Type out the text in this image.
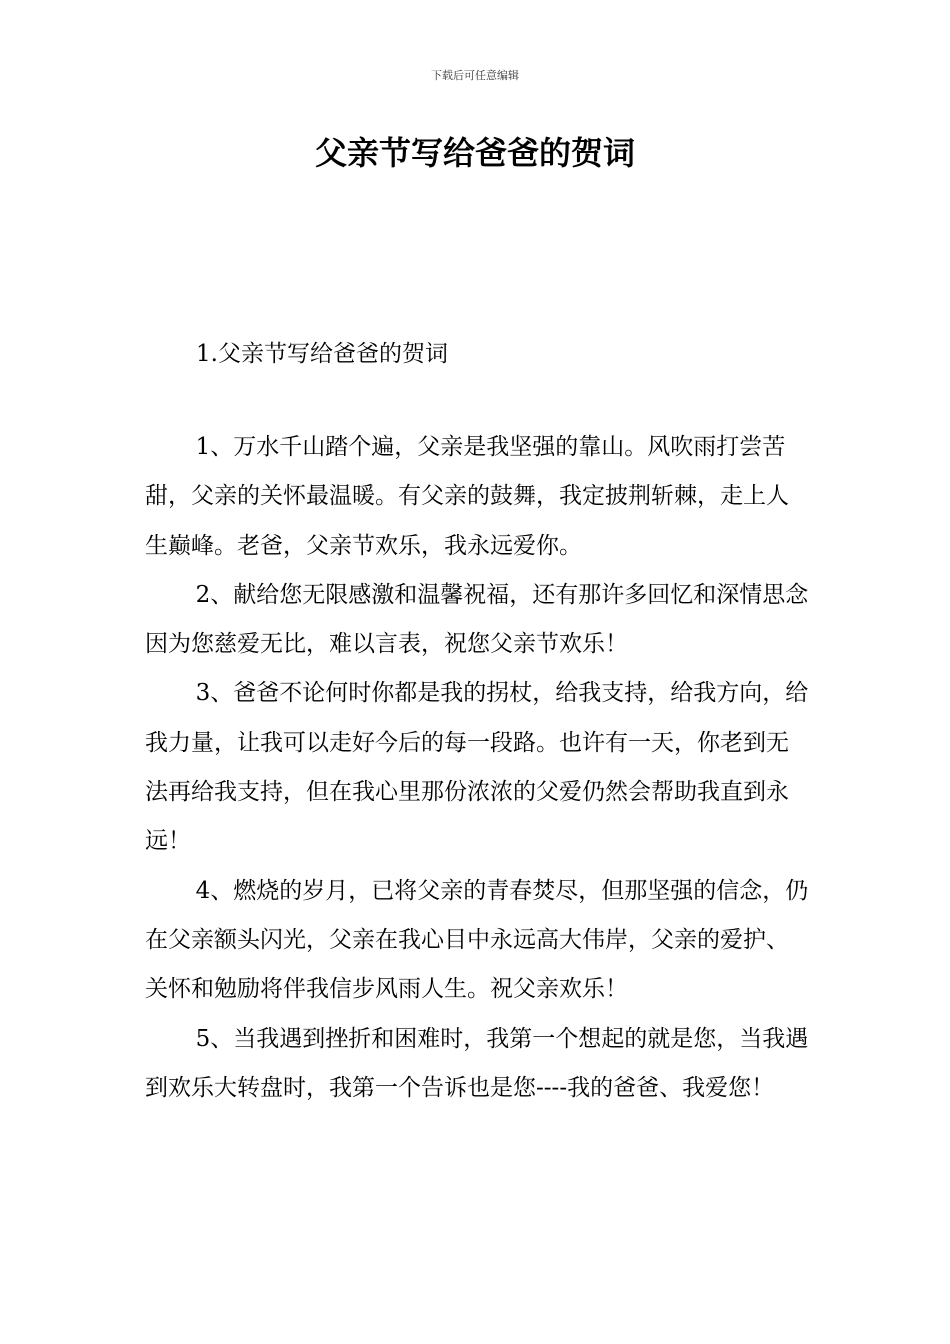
下载后可任意编辑
父亲节写给爸爸的贺词
1.父亲节写给爸爸的贺词

1、万水千山踏个遍，父亲是我坚强的靠山。风吹雨打尝苦甜，父亲的关怀最温暖。有父亲的鼓舞，我定披荆斩棘，走上人生巅峰。老爸，父亲节欢乐，我永远爱你。

2、献给您无限感激和温馨祝福，还有那许多回忆和深情思念因为您慈爱无比，难以言表，祝您父亲节欢乐！

3、爸爸不论何时你都是我的拐杖，给我支持，给我方向，给我力量，让我可以走好今后的每一段路。也许有一天，你老到无法再给我支持，但在我心里那份浓浓的父爱仍然会帮助我直到永远！

4、燃烧的岁月，已将父亲的青春焚尽，但那坚强的信念，仍在父亲额头闪光，父亲在我心目中永远高大伟岸，父亲的爱护、关怀和勉励将伴我信步风雨人生。祝父亲欢乐！

5、当我遇到挫折和困难时，我第一个想起的就是您，当我遇到欢乐大转盘时，我第一个告诉也是您----我的爸爸、我爱您！
